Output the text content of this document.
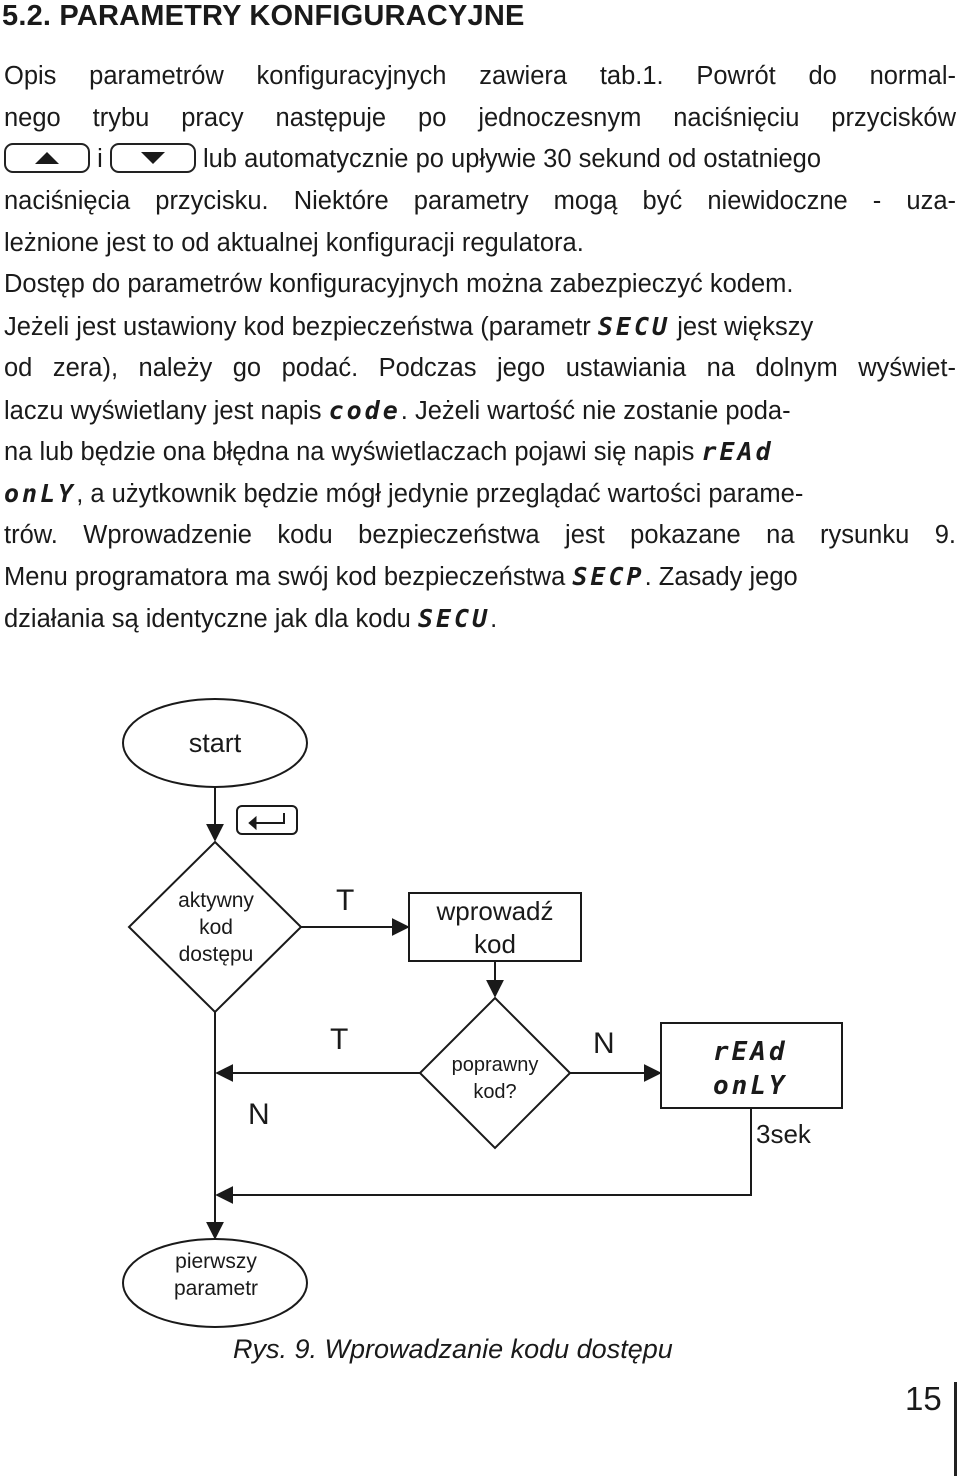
5.2. PARAMETRY KONFIGURACYJNE
Opis parametrów konfiguracyjnych zawiera tab.1. Powrót do normal-
nego trybu pracy następuje po jednoczesnym naciśnięciu przycisków
i	lub automatycznie po upływie 30 sekund od ostatniego
naciśnięcia przycisku. Niektóre parametry mogą być niewidoczne - uza-
leżnione jest to od aktualnej konfiguracji regulatora.
Dostęp do parametrów konfiguracyjnych można zabezpieczyć kodem.
Jeżeli jest ustawiony kod bezpieczeństwa (parametr SECU jest większy
od zera), należy go podać. Podczas jego ustawiania na dolnym wyświet-
laczu wyświetlany jest napis code. Jeżeli wartość nie zostanie poda-
na lub będzie ona błędna na wyświetlaczach pojawi się napis rEAd
onLY, a użytkownik będzie mógł jedynie przeglądać wartości parame-
trów. Wprowadzenie kodu bezpieczeństwa jest pokazane na rysunku 9.
Menu programatora ma swój kod bezpieczeństwa SECP. Zasady jego
działania są identyczne jak dla kodu SECU.
start
aktywny
kod
dostępu
T	wprowadź
kod
T
N
N
poprawny
kod?
rEAd
onLY
3sek
pierwszy
parametr
Rys. 9. Wprowadzanie kodu dostępu
15
